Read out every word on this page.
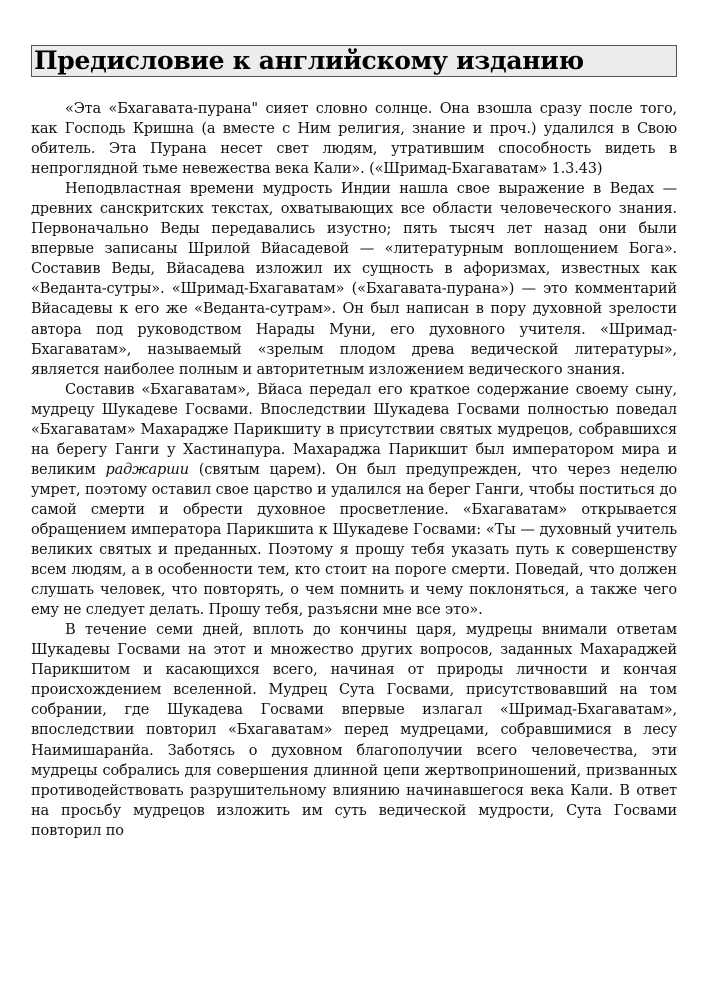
Предисловие к английскому изданию

«Эта «Бхагавата-пурана" сияет словно солнце. Она взошла сразу после того, как Господь Кришна (а вместе с Ним религия, знание и проч.) удалился в Свою обитель. Эта Пурана несет свет людям, утратившим способность видеть в непроглядной тьме невежества века Кали». («Шримад-Бхагаватам» 1.3.43)

Неподвластная времени мудрость Индии нашла свое выражение в Ведах — древних санскритских текстах, охватывающих все области человеческого знания. Первоначально Веды передавались изустно; пять тысяч лет назад они были впервые записаны Шрилой Вйасадевой — «литературным воплощением Бога». Составив Веды, Вйасадева изложил их сущность в афоризмах, известных как «Веданта-сутры». «Шримад-Бхагаватам» («Бхагавата-пурана») — это комментарий Вйасадевы к его же «Веданта-сутрам». Он был написан в пору духовной зрелости автора под руководством Нарады Муни, его духовного учителя. «Шримад-Бхагаватам», называемый «зрелым плодом древа ведической литературы», является наиболее полным и авторитетным изложением ведического знания.

Составив «Бхагаватам», Вйаса передал его краткое содержание своему сыну, мудрецу Шукадеве Госвами. Впоследствии Шукадева Госвами полностью поведал «Бхагаватам» Махарадже Парикшиту в присутствии святых мудрецов, собравшихся на берегу Ганги у Хастинапура. Махараджа Парикшит был императором мира и великим раджарши (святым царем). Он был предупрежден, что через неделю умрет, поэтому оставил свое царство и удалился на берег Ганги, чтобы поститься до самой смерти и обрести духовное просветление. «Бхагаватам» открывается обращением императора Парикшита к Шукадеве Госвами: «Ты — духовный учитель великих святых и преданных. Поэтому я прошу тебя указать путь к совершенству всем людям, а в особенности тем, кто стоит на пороге смерти. Поведай, что должен слушать человек, что повторять, о чем помнить и чему поклоняться, а также чего ему не следует делать. Прошу тебя, разъясни мне все это».

В течение семи дней, вплоть до кончины царя, мудрецы внимали ответам Шукадевы Госвами на этот и множество других вопросов, заданных Махараджей Парикшитом и касающихся всего, начиная от природы личности и кончая происхождением вселенной. Мудрец Сута Госвами, присутствовавший на том собрании, где Шукадева Госвами впервые излагал «Шримад-Бхагаватам», впоследствии повторил «Бхагаватам» перед мудрецами, собравшимися в лесу Наимишаранйа. Заботясь о духовном благополучии всего человечества, эти мудрецы собрались для совершения длинной цепи жертвоприношений, призванных противодействовать разрушительному влиянию начинавшегося века Кали. В ответ на просьбу мудрецов изложить им суть ведической мудрости, Сута Госвами повторил по
